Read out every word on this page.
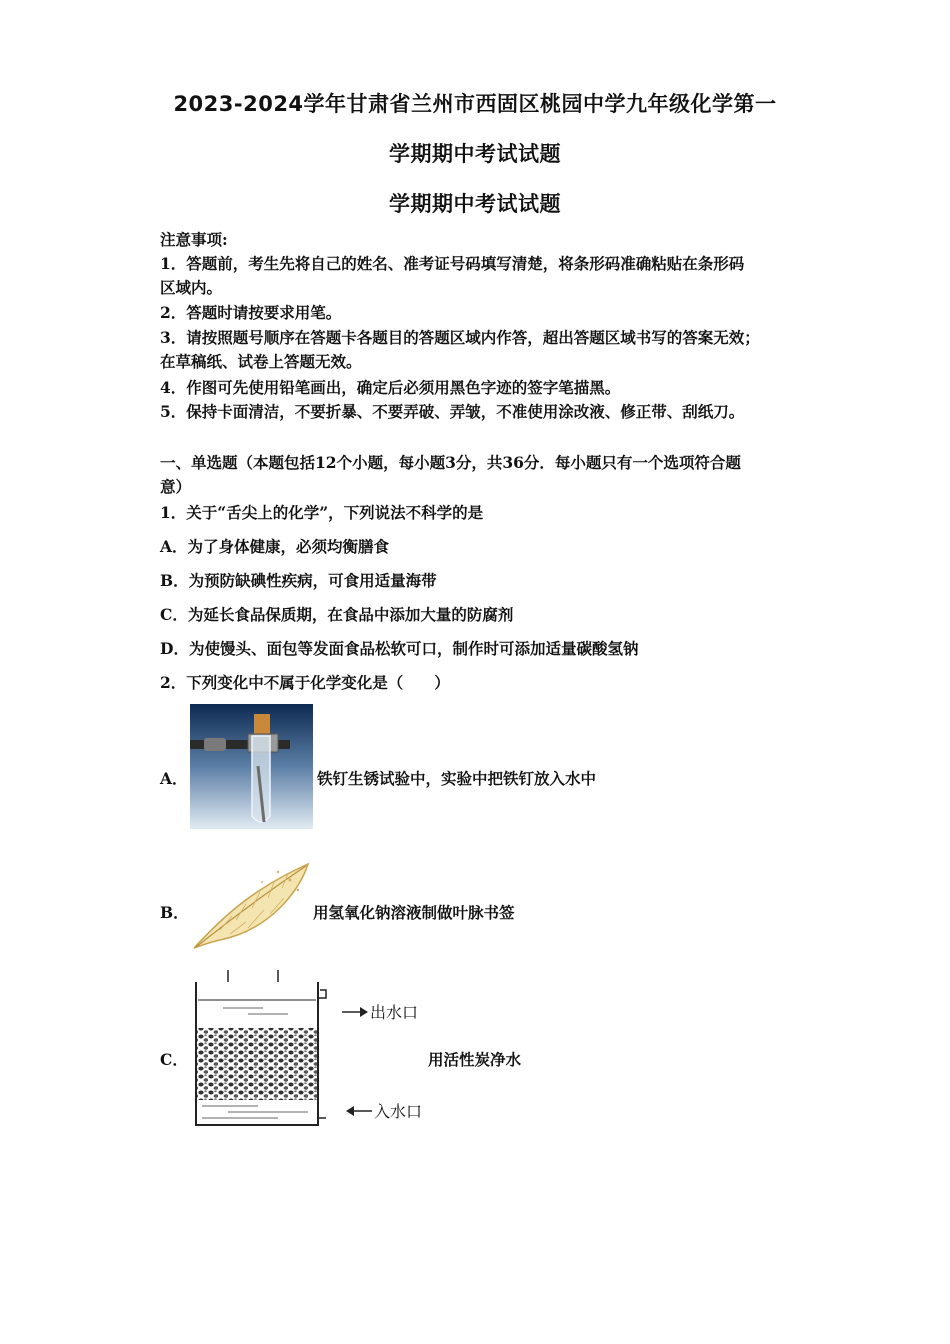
2023-2024学年甘肃省兰州市西固区桃园中学九年级化学第一
学期期中考试试题
学期期中考试试题
注意事项:
1．答题前，考生先将自己的姓名、准考证号码填写清楚，将条形码准确粘贴在条形码
区域内。
2．答题时请按要求用笔。
3．请按照题号顺序在答题卡各题目的答题区域内作答，超出答题区域书写的答案无效；
在草稿纸、试卷上答题无效。
4．作图可先使用铅笔画出，确定后必须用黑色字迹的签字笔描黑。
5．保持卡面清洁，不要折暴、不要弄破、弄皱，不准使用涂改液、修正带、刮纸刀。
一、单选题（本题包括12个小题，每小题3分，共36分．每小题只有一个选项符合题
意）
1．关于“舌尖上的化学”，下列说法不科学的是
A．为了身体健康，必须均衡膳食
B．为预防缺碘性疾病，可食用适量海带
C．为延长食品保质期，在食品中添加大量的防腐剂
D．为使馒头、面包等发面食品松软可口，制作时可添加适量碳酸氢钠
2．下列变化中不属于化学变化是（　　）
A．	铁钉生锈试验中，实验中把铁钉放入水中
B．	用氢氧化钠溶液制做叶脉书签
C．
出水口
入水口
用活性炭净水
